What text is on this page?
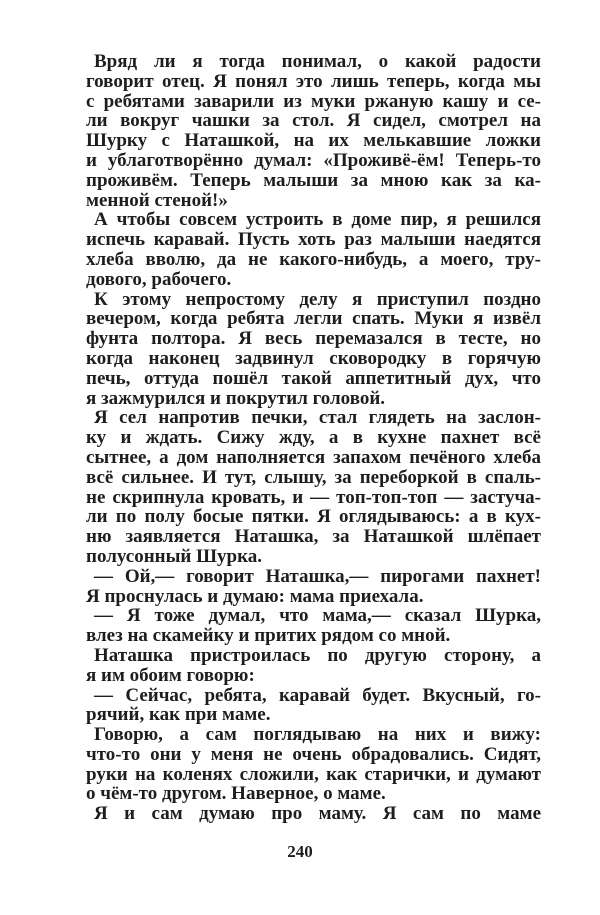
Вряд ли я тогда понимал, о какой радости
говорит отец. Я понял это лишь теперь, когда мы
с ребятами заварили из муки ржаную кашу и се-
ли вокруг чашки за стол. Я сидел, смотрел на
Шурку с Наташкой, на их мелькавшие ложки
и ублаготворённо думал: «Проживё-ём! Теперь-то
проживём. Теперь малыши за мною как за ка-
менной стеной!»
А чтобы совсем устроить в доме пир, я решился
испечь каравай. Пусть хоть раз малыши наедятся
хлеба вволю, да не какого-нибудь, а моего, тру-
дового, рабочего.
К этому непростому делу я приступил поздно
вечером, когда ребята легли спать. Муки я извёл
фунта полтора. Я весь перемазался в тесте, но
когда наконец задвинул сковородку в горячую
печь, оттуда пошёл такой аппетитный дух, что
я зажмурился и покрутил головой.
Я сел напротив печки, стал глядеть на заслон-
ку и ждать. Сижу жду, а в кухне пахнет всё
сытнее, а дом наполняется запахом печёного хлеба
всё сильнее. И тут, слышу, за переборкой в спаль-
не скрипнула кровать, и — топ-топ-топ — застуча-
ли по полу босые пятки. Я оглядываюсь: а в кух-
ню заявляется Наташка, за Наташкой шлёпает
полусонный Шурка.
— Ой,— говорит Наташка,— пирогами пахнет!
Я проснулась и думаю: мама приехала.
— Я тоже думал, что мама,— сказал Шурка,
влез на скамейку и притих рядом со мной.
Наташка пристроилась по другую сторону, а
я им обоим говорю:
— Сейчас, ребята, каравай будет. Вкусный, го-
рячий, как при маме.
Говорю, а сам поглядываю на них и вижу:
что-то они у меня не очень обрадовались. Сидят,
руки на коленях сложили, как старички, и думают
о чём-то другом. Наверное, о маме.
Я и сам думаю про маму. Я сам по маме
240
